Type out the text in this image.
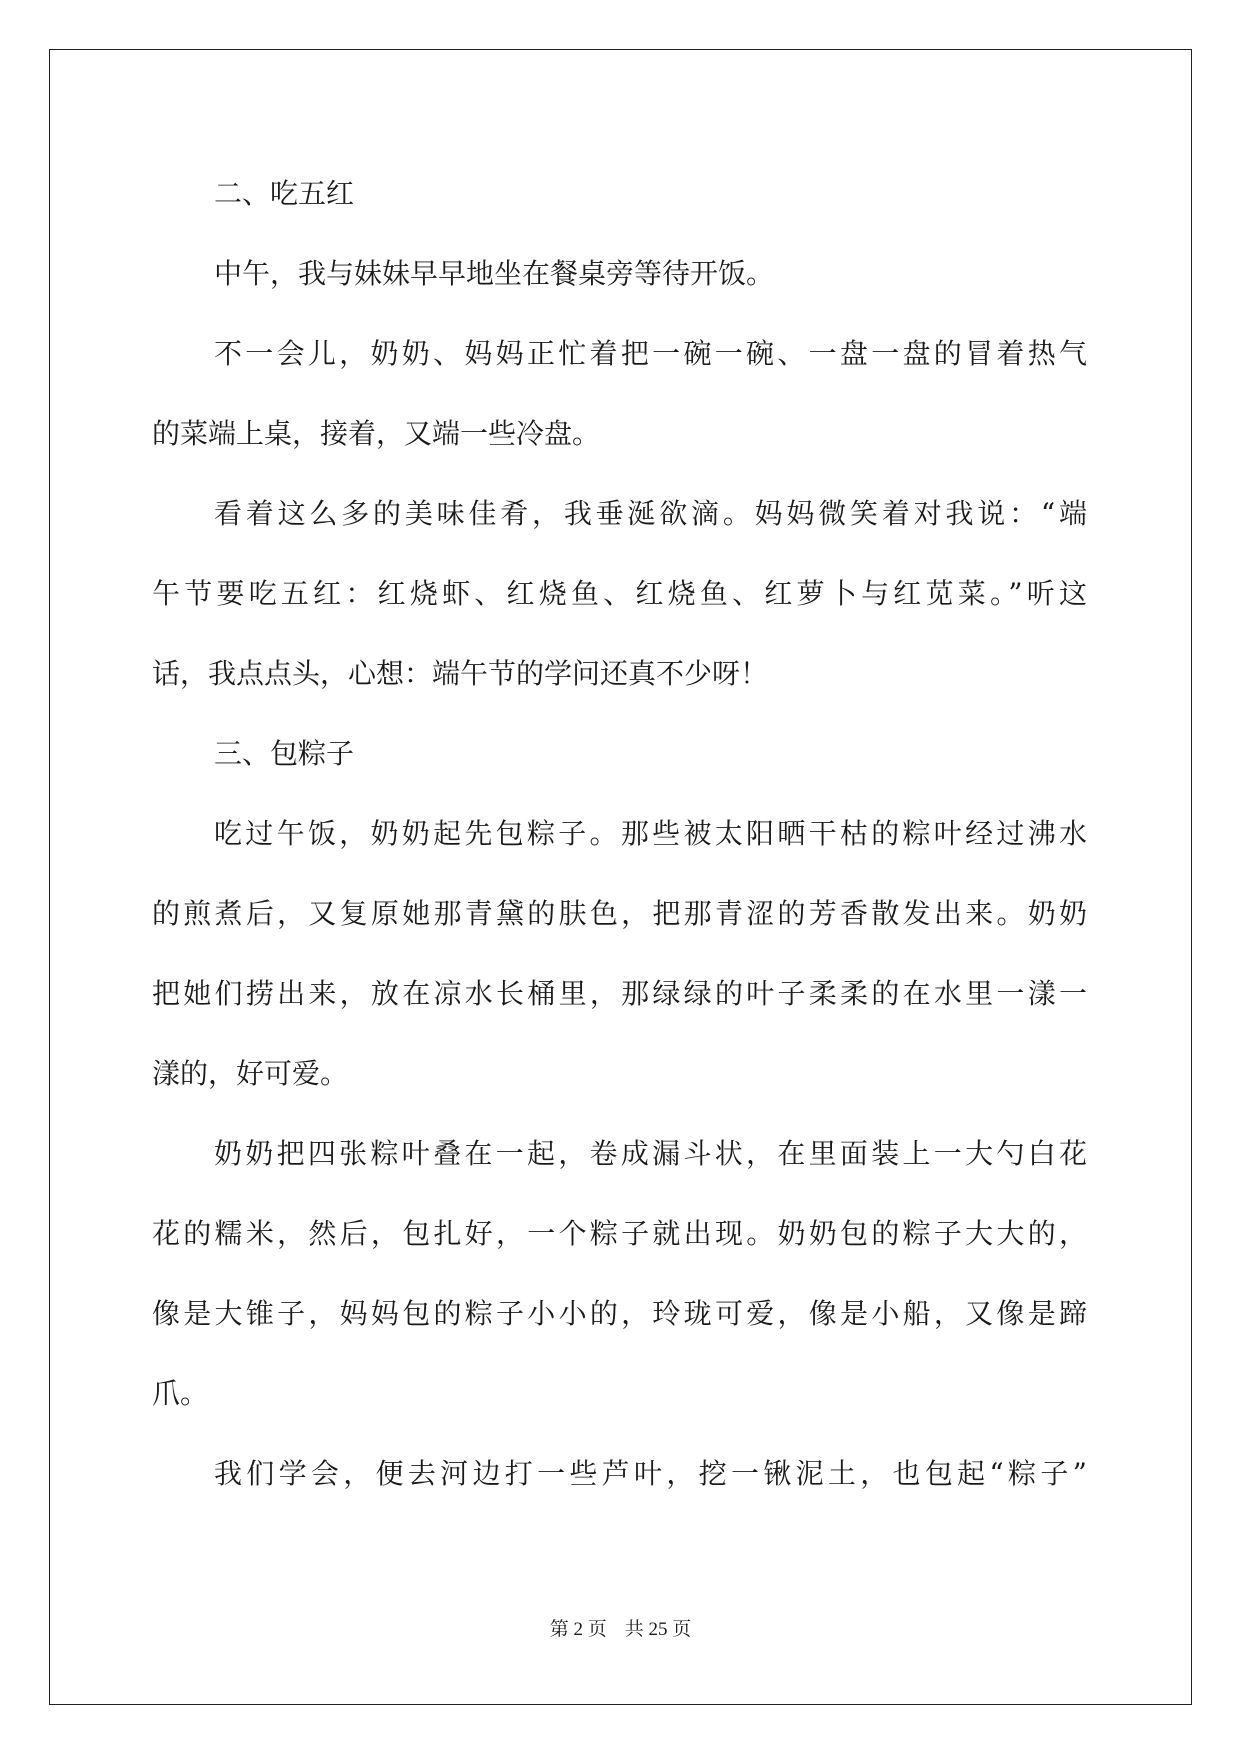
二、吃五红
中午，我与妹妹早早地坐在餐桌旁等待开饭。
不一会儿，奶奶、妈妈正忙着把一碗一碗、一盘一盘的冒着热气
的菜端上桌，接着，又端一些冷盘。
看着这么多的美味佳肴，我垂涎欲滴。妈妈微笑着对我说：“端
午节要吃五红：红烧虾、红烧鱼、红烧鱼、红萝卜与红苋菜。”听这
话，我点点头，心想：端午节的学问还真不少呀！
三、包粽子
吃过午饭，奶奶起先包粽子。那些被太阳晒干枯的粽叶经过沸水
的煎煮后，又复原她那青黛的肤色，把那青涩的芳香散发出来。奶奶
把她们捞出来，放在凉水长桶里，那绿绿的叶子柔柔的在水里一漾一
漾的，好可爱。
奶奶把四张粽叶叠在一起，卷成漏斗状，在里面装上一大勺白花
花的糯米，然后，包扎好，一个粽子就出现。奶奶包的粽子大大的，
像是大锥子，妈妈包的粽子小小的，玲珑可爱，像是小船，又像是蹄
爪。
我们学会，便去河边打一些芦叶，挖一锹泥土，也包起“粽子”
第 2 页 共 25 页
